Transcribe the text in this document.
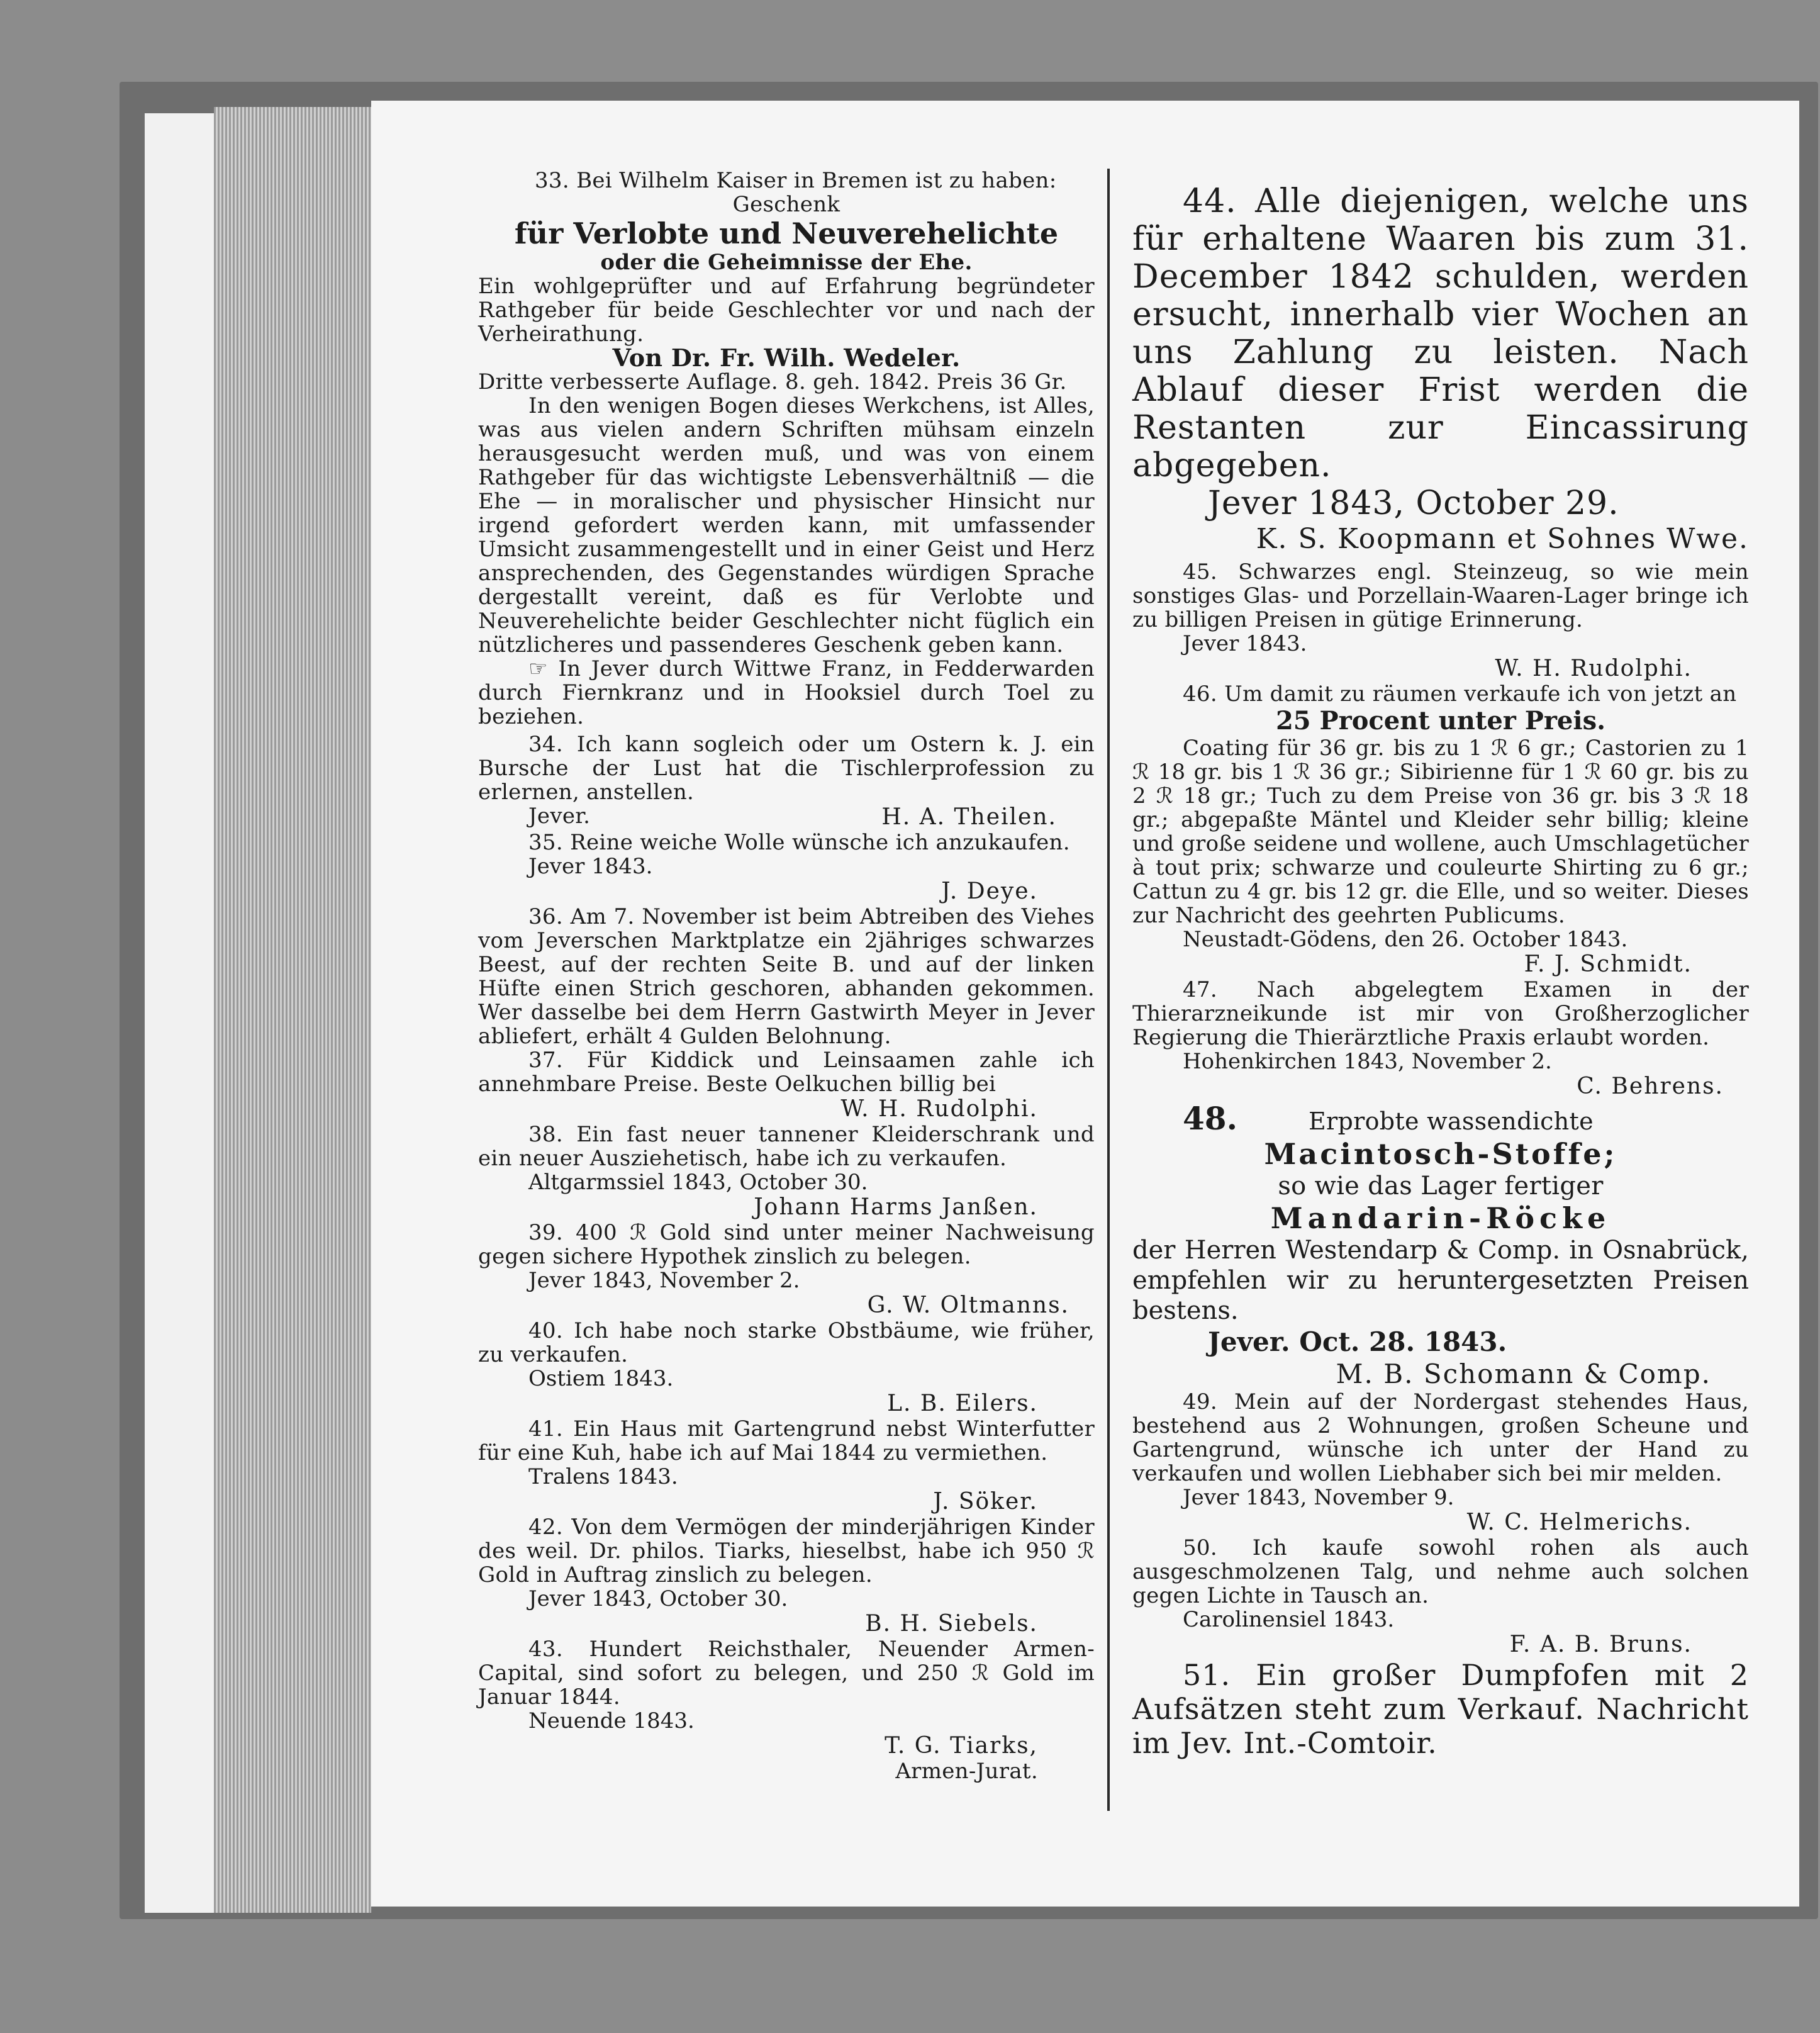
33. Bei Wilhelm Kaiser in Bremen ist zu haben:
Geschenk
für Verlobte und Neuverehelichte
oder die Geheimnisse der Ehe.
Ein wohlgeprüfter und auf Erfahrung begründeter Rathgeber für beide Geschlechter vor und nach der Verheirathung.
Von Dr. Fr. Wilh. Wedeler.
Dritte verbesserte Auflage. 8. geh. 1842. Preis 36 Gr.
In den wenigen Bogen dieses Werkchens, ist Alles, was aus vielen andern Schriften mühsam einzeln herausgesucht werden muß, und was von einem Rathgeber für das wichtigste Lebensverhältniß — die Ehe — in moralischer und physischer Hinsicht nur irgend gefordert werden kann, mit umfassender Umsicht zusammengestellt und in einer Geist und Herz ansprechenden, des Gegenstandes würdigen Sprache dergestallt vereint, daß es für Verlobte und Neuverehelichte beider Geschlechter nicht füglich ein nützlicheres und passenderes Geschenk geben kann.
☞ In Jever durch Wittwe Franz, in Fedderwarden durch Fiernkranz und in Hooksiel durch Toel zu beziehen.
34. Ich kann sogleich oder um Ostern k. J. ein Bursche der Lust hat die Tischlerprofession zu erlernen, anstellen.
Jever.	H. A. Theilen.
35. Reine weiche Wolle wünsche ich anzukaufen.
Jever 1843.
J. Deye.
36. Am 7. November ist beim Abtreiben des Viehes vom Jeverschen Marktplatze ein 2jähriges schwarzes Beest, auf der rechten Seite B. und auf der linken Hüfte einen Strich geschoren, abhanden gekommen. Wer dasselbe bei dem Herrn Gastwirth Meyer in Jever abliefert, erhält 4 Gulden Belohnung.
37. Für Kiddick und Leinsaamen zahle ich annehmbare Preise. Beste Oelkuchen billig bei
W. H. Rudolphi.
38. Ein fast neuer tannener Kleiderschrank und ein neuer Ausziehetisch, habe ich zu verkaufen.
Altgarmssiel 1843, October 30.
Johann Harms Janßen.
39. 400 ℛ Gold sind unter meiner Nachweisung gegen sichere Hypothek zinslich zu belegen.
Jever 1843, November 2.
G. W. Oltmanns.
40. Ich habe noch starke Obstbäume, wie früher, zu verkaufen.
Ostiem 1843.
L. B. Eilers.
41. Ein Haus mit Gartengrund nebst Winterfutter für eine Kuh, habe ich auf Mai 1844 zu vermiethen.
Tralens 1843.
J. Söker.
42. Von dem Vermögen der minderjährigen Kinder des weil. Dr. philos. Tiarks, hieselbst, habe ich 950 ℛ Gold in Auftrag zinslich zu belegen.
Jever 1843, October 30.
B. H. Siebels.
43. Hundert Reichsthaler, Neuender Armen-Capital, sind sofort zu belegen, und 250 ℛ Gold im Januar 1844.
Neuende 1843.
T. G. Tiarks,
Armen-Jurat.
44. Alle diejenigen, welche uns für erhaltene Waaren bis zum 31. December 1842 schulden, werden ersucht, innerhalb vier Wochen an uns Zahlung zu leisten. Nach Ablauf dieser Frist werden die Restanten zur Eincassirung abgegeben.
Jever 1843, October 29.
K. S. Koopmann et Sohnes Wwe.
45. Schwarzes engl. Steinzeug, so wie mein sonstiges Glas- und Porzellain-Waaren-Lager bringe ich zu billigen Preisen in gütige Erinnerung.
Jever 1843.
W. H. Rudolphi.
46. Um damit zu räumen verkaufe ich von jetzt an
25 Procent unter Preis.
Coating für 36 gr. bis zu 1 ℛ 6 gr.; Castorien zu 1 ℛ 18 gr. bis 1 ℛ 36 gr.; Sibirienne für 1 ℛ 60 gr. bis zu 2 ℛ 18 gr.; Tuch zu dem Preise von 36 gr. bis 3 ℛ 18 gr.; abgepaßte Mäntel und Kleider sehr billig; kleine und große seidene und wollene, auch Umschlagetücher à tout prix; schwarze und couleurte Shirting zu 6 gr.; Cattun zu 4 gr. bis 12 gr. die Elle, und so weiter. Dieses zur Nachricht des geehrten Publicums.
Neustadt-Gödens, den 26. October 1843.
F. J. Schmidt.
47. Nach abgelegtem Examen in der Thierarzneikunde ist mir von Großherzoglicher Regierung die Thierärztliche Praxis erlaubt worden.
Hohenkirchen 1843, November 2.
C. Behrens.
48.	Erprobte wassendichte
Macintosch-Stoffe;
so wie das Lager fertiger
Mandarin-Röcke
der Herren Westendarp & Comp. in Osnabrück, empfehlen wir zu heruntergesetzten Preisen bestens.
Jever. Oct. 28. 1843.
M. B. Schomann & Comp.
49. Mein auf der Nordergast stehendes Haus, bestehend aus 2 Wohnungen, großen Scheune und Gartengrund, wünsche ich unter der Hand zu verkaufen und wollen Liebhaber sich bei mir melden.
Jever 1843, November 9.
W. C. Helmerichs.
50. Ich kaufe sowohl rohen als auch ausgeschmolzenen Talg, und nehme auch solchen gegen Lichte in Tausch an.
Carolinensiel 1843.
F. A. B. Bruns.
51. Ein großer Dumpfofen mit 2 Aufsätzen steht zum Verkauf. Nachricht im Jev. Int.-Comtoir.
